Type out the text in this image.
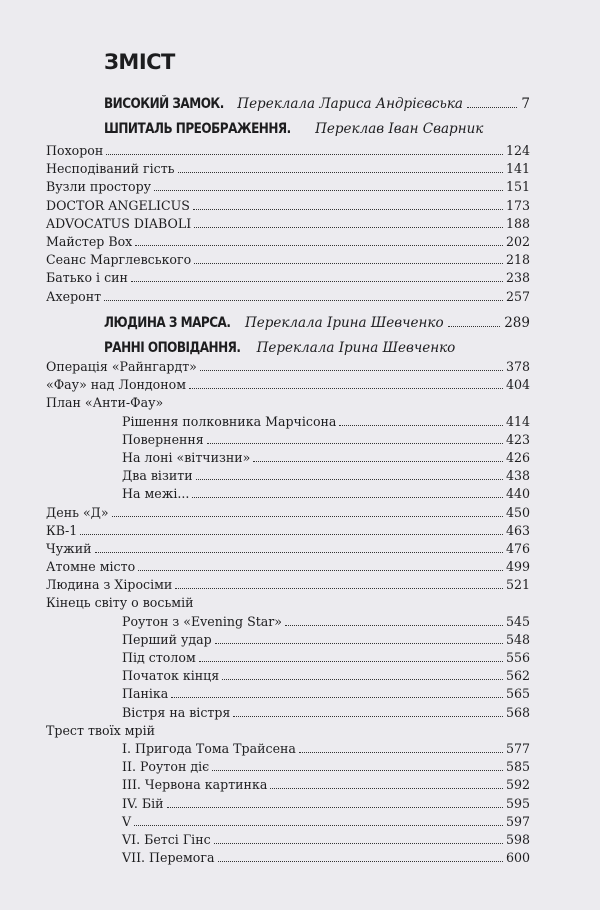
ЗМІСТ
ВИСОКИЙ ЗАМОК. Переклала Лариса Андрієвська	7
ШПИТАЛЬ ПРЕОБРАЖЕННЯ. Переклав Іван Сварник
Похорон	124
Несподіваний гість	141
Вузли простору	151
DOCTOR ANGELICUS	173
ADVOCATUS DIABOLI	188
Майстер Вох	202
Сеанс Марглевського	218
Батько і син	238
Ахеронт	257
ЛЮДИНА З МАРСА. Переклала Ірина Шевченко	289
РАННІ ОПОВІДАННЯ. Переклала Ірина Шевченко
Операція «Райнгардт»	378
«Фау» над Лондоном	404
План «Анти-Фау»
Рішення полковника Марчісона	414
Повернення	423
На лоні «вітчизни»	426
Два візити	438
На межі...	440
День «Д»	450
КВ-1	463
Чужий	476
Атомне місто	499
Людина з Хіросіми	521
Кінець світу о восьмій
Роутон з «Evening Star»	545
Перший удар	548
Під столом	556
Початок кінця	562
Паніка	565
Вістря на вістря	568
Трест твоїх мрій
І. Пригода Тома Трайсена	577
ІІ. Роутон діє	585
ІІІ. Червона картинка	592
IV. Бій	595
V	597
VI. Бетсі Гінс	598
VII. Перемога	600
